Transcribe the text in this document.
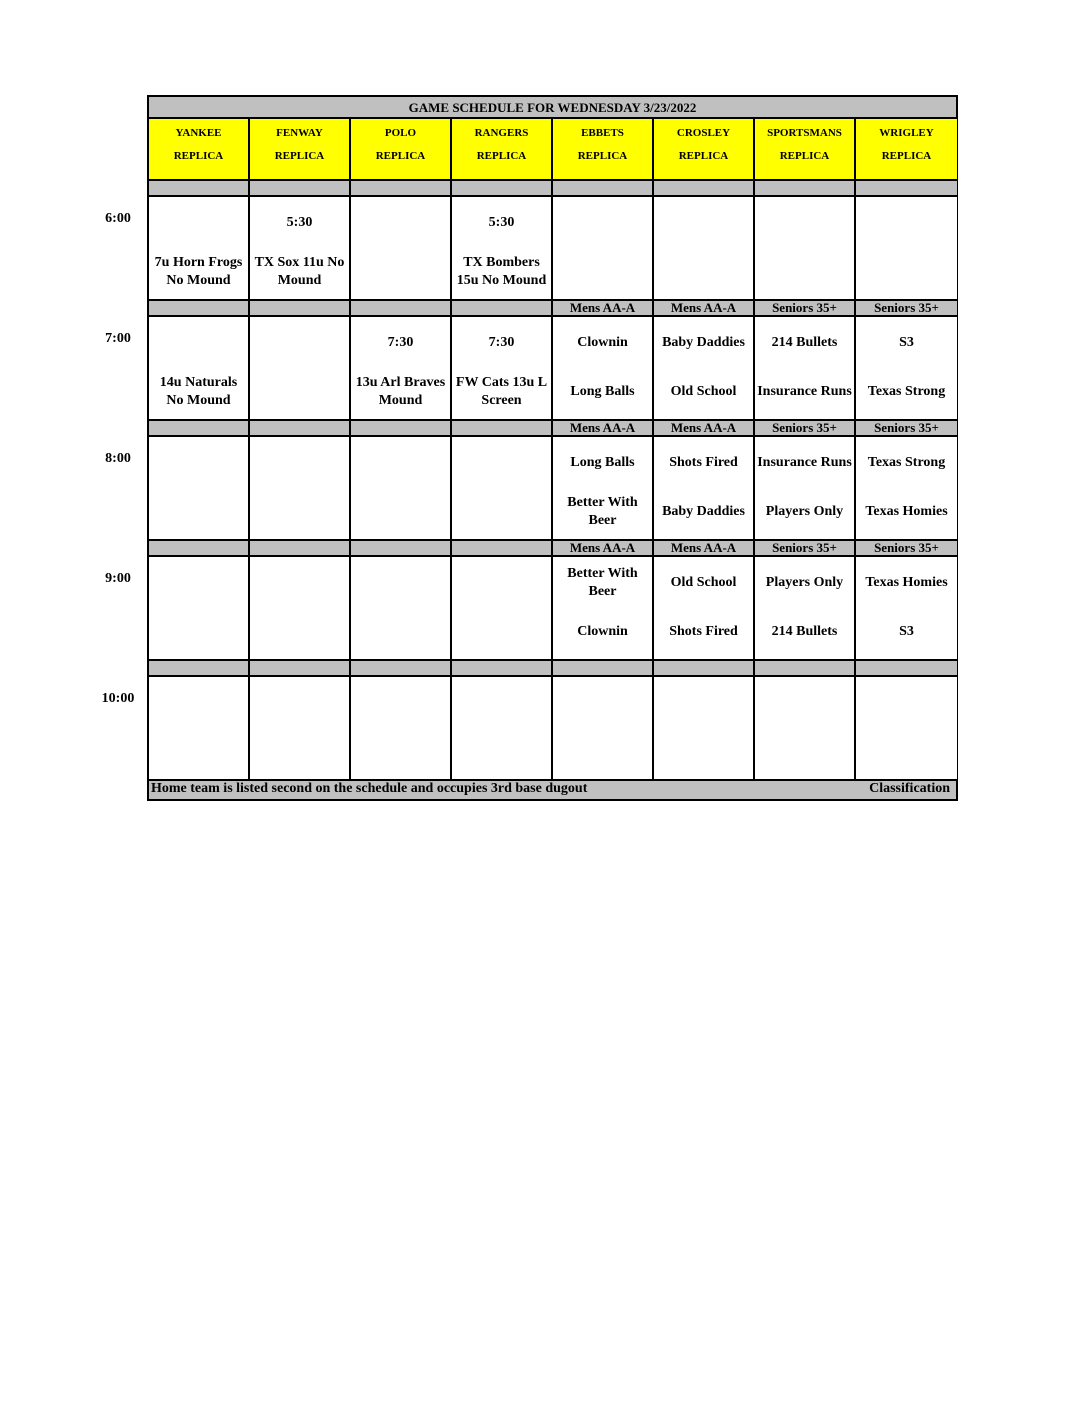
GAME SCHEDULE FOR WEDNESDAY 3/23/2022
Home team is listed second on the schedule and occupies 3rd base dugout	Classification
YANKEE
REPLICA
FENWAY
REPLICA
POLO
REPLICA
RANGERS
REPLICA
EBBETS
REPLICA
CROSLEY
REPLICA
SPORTSMANS
REPLICA
WRIGLEY
REPLICA
7u Horn Frogs No Mound
5:30
TX Sox 11u No Mound
5:30
TX Bombers 15u No Mound
14u Naturals No Mound
7:30
13u Arl Braves Mound
7:30
FW Cats 13u L Screen
Mens AA-A
Clownin
Long Balls
Mens AA-A
Baby Daddies
Old School
Seniors 35+
214 Bullets
Insurance Runs
Seniors 35+
S3
Texas Strong
Mens AA-A
Long Balls
Better With Beer
Mens AA-A
Shots Fired
Baby Daddies
Seniors 35+
Insurance Runs
Players Only
Seniors 35+
Texas Strong
Texas Homies
Mens AA-A
Better With Beer
Clownin
Mens AA-A
Old School
Shots Fired
Seniors 35+
Players Only
214 Bullets
Seniors 35+
Texas Homies
S3
6:00
7:00
8:00
9:00
10:00
